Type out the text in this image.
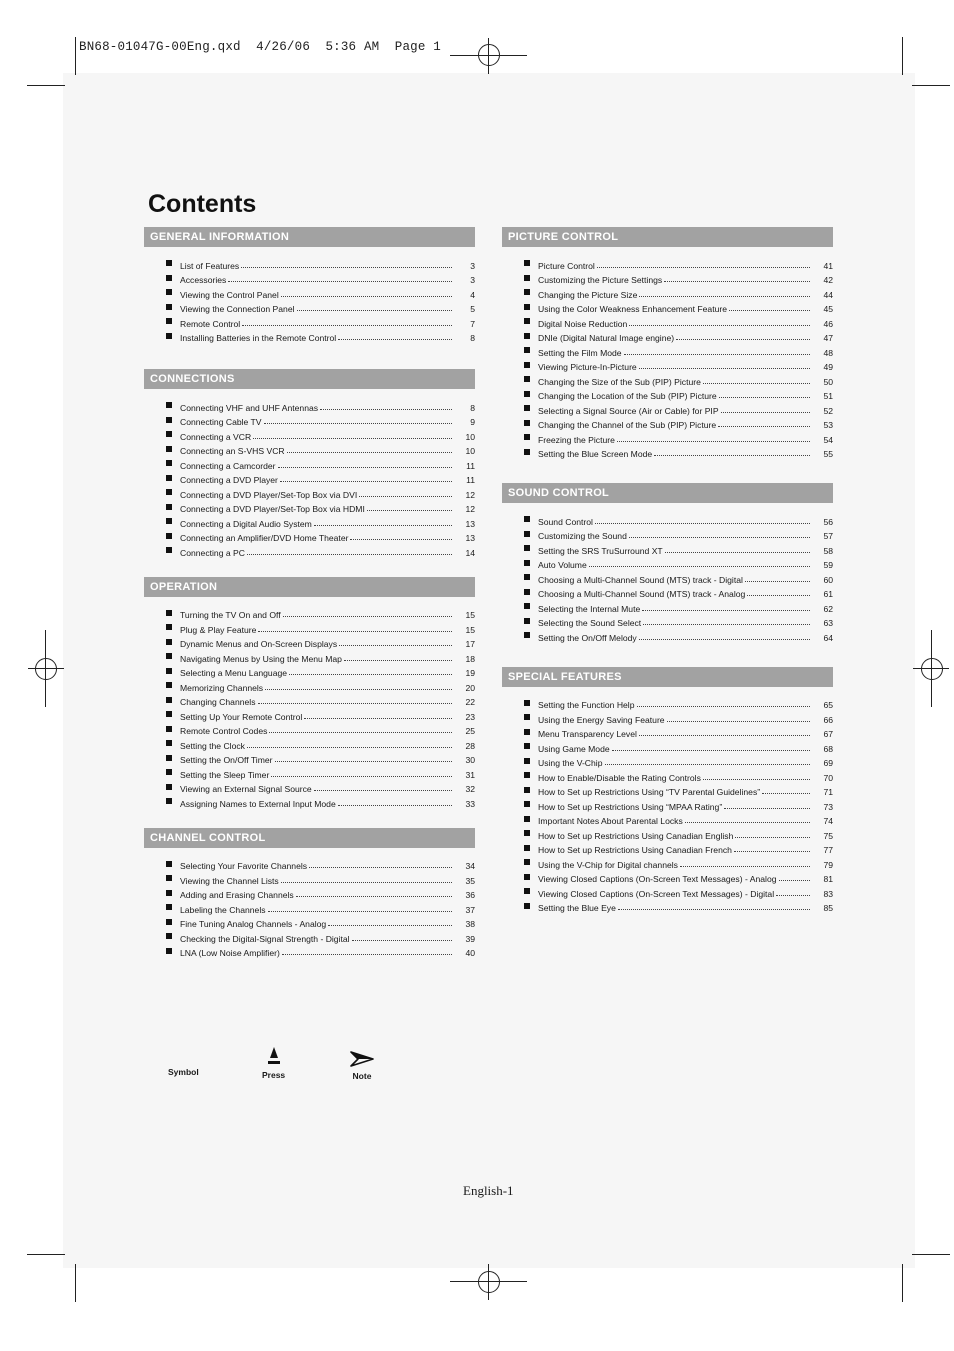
BN68-01047G-00Eng.qxd  4/26/06  5:36 AM  Page 1
Contents
GENERAL INFORMATION
List of Features	3
Accessories	3
Viewing the Control Panel	4
Viewing the Connection Panel	5
Remote Control	7
Installing Batteries in the Remote Control	8
CONNECTIONS
Connecting VHF and UHF Antennas	8
Connecting Cable TV	9
Connecting a VCR	10
Connecting an S-VHS VCR	10
Connecting a Camcorder	11
Connecting a DVD Player	11
Connecting a DVD Player/Set-Top Box via DVI	12
Connecting a DVD Player/Set-Top Box via HDMI	12
Connecting a Digital Audio System	13
Connecting an Amplifier/DVD Home Theater	13
Connecting a PC	14
OPERATION
Turning the TV On and Off	15
Plug & Play Feature	15
Dynamic Menus and On-Screen Displays	17
Navigating Menus by Using the Menu Map	18
Selecting a Menu Language	19
Memorizing Channels	20
Changing Channels	22
Setting Up Your Remote Control	23
Remote Control Codes	25
Setting the Clock	28
Setting the On/Off Timer	30
Setting the Sleep Timer	31
Viewing an External Signal Source	32
Assigning Names to External Input Mode	33
CHANNEL CONTROL
Selecting Your Favorite Channels	34
Viewing the Channel Lists	35
Adding and Erasing Channels	36
Labeling the Channels	37
Fine Tuning Analog Channels - Analog	38
Checking the Digital-Signal Strength - Digital	39
LNA (Low Noise Amplifier)	40
PICTURE CONTROL
Picture Control	41
Customizing the Picture Settings	42
Changing the Picture Size	44
Using the Color Weakness Enhancement Feature	45
Digital Noise Reduction	46
DNIe (Digital Natural Image engine)	47
Setting the Film Mode	48
Viewing Picture-In-Picture	49
Changing the Size of the Sub (PIP) Picture	50
Changing the Location of the Sub (PIP) Picture	51
Selecting a Signal Source (Air or Cable) for PIP	52
Changing the Channel of the Sub (PIP) Picture	53
Freezing the Picture	54
Setting the Blue Screen Mode	55
SOUND CONTROL
Sound Control	56
Customizing the Sound	57
Setting the SRS TruSurround XT	58
Auto Volume	59
Choosing a Multi-Channel Sound (MTS) track - Digital	60
Choosing a Multi-Channel Sound (MTS) track - Analog	61
Selecting the Internal Mute	62
Selecting the Sound Select	63
Setting the On/Off Melody	64
SPECIAL FEATURES
Setting the Function Help	65
Using the Energy Saving Feature	66
Menu Transparency Level	67
Using Game Mode	68
Using the V-Chip	69
How to Enable/Disable the Rating Controls	70
How to Set up Restrictions Using “TV Parental Guidelines”	71
How to Set up Restrictions Using “MPAA Rating”	73
Important Notes About Parental Locks	74
How to Set up Restrictions Using Canadian English	75
How to Set up Restrictions Using Canadian French	77
Using the V-Chip for Digital channels	79
Viewing Closed Captions (On-Screen Text Messages) - Analog	81
Viewing Closed Captions (On-Screen Text Messages) - Digital	83
Setting the Blue Eye	85
Symbol	Press	Note
English-1
